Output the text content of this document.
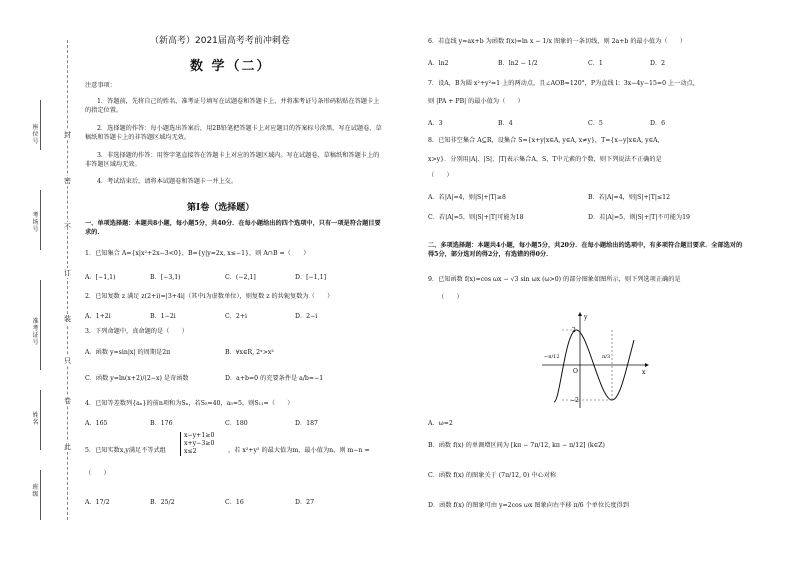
封
密
不
订
装
只
卷
此
座位号
考场号
准考证号
姓名
班级
（新高考）2021届高考考前冲刺卷
数 学（二）
注意事项：
1．答题前，先将自己的姓名、准考证号填写在试题卷和答题卡上，并将准考证号条形码粘贴在答题卡上的指定位置。
2．选择题的作答：每小题选出答案后，用2B铅笔把答题卡上对应题目的答案标号涂黑，写在试题卷、草稿纸和答题卡上的非答题区域均无效。
3．非选择题的作答：用签字笔直接答在答题卡上对应的答题区域内。写在试题卷、草稿纸和答题卡上的非答题区域均无效。
4．考试结束后，请将本试题卷和答题卡一并上交。
第Ⅰ卷（选择题）
一、单项选择题：本题共8小题，每小题5分，共40分．在每小题给出的四个选项中，只有一项是符合题目要求的．
1．已知集合 A={x|x²+2x−3<0}，B={y|y=2x, x≤−1}，则 A∩B =（　　）
A．[−1,1)	B．[−3,1)	C．(−2,1]	D．[−1,1]
2．已知复数 z 满足 z(2+i)=|3+4i|（其中i为虚数单位），则复数 z 的共轭复数为（　　）
A．1+2i	B．1−2i	C．2+i	D．2−i
3．下列命题中，真命题的是（　　）
A．函数 y=sin|x| 的周期是2π	B．∀x∈R, 2ˣ>x²
C．函数 y=ln(x+2)/(2−x) 是奇函数	D．a+b=0 的充要条件是 a/b=−1
4．已知等差数列{aₙ}的前n项和为Sₙ，若S₅=40，a₅=5，则S₁₁=（　　）
A．165	B．176	C．180	D．187
5．已知实数x,y满足不等式组
x−y+1≥0
x+y−3≥0
x≤2	，若 x²+y² 的最大值为m，最小值为n，则 m−n =
（　　）
A．17/2	B．25/2	C．16	D．27
6．若直线 y=ax+b 为函数 f(x)=ln x − 1/x 图象的一条切线，则 2a+b 的最小值为（　　）
A．ln2	B．ln2 − 1/2	C．1	D．2
7．设A，B为圆 x²+y²=1 上的两动点，且∠AOB=120°，P为直线 l：3x−4y−15=0 上一动点，
则 |PA + PB| 的最小值为（　　）
A．3	B．4	C．5	D．6
8．已知非空集合 A⊆R，设集合 S={x+y|x∈A, y∈A, x≠y}，T={x−y|x∈A, y∈A,
x>y}．分别用|A|、|S|、|T|表示集合A、S、T中元素的个数，则下列说法不正确的是
（　　）
A．若|A|=4，则|S|+|T|≥8	B．若|A|=4，则|S|+|T|≤12
C．若|A|=5，则|S|+|T|可能为18	D．若|A|=5，则|S|+|T|不可能为19
二、多项选择题：本题共4小题，每小题5分，共20分．在每小题给出的选项中，有多项符合题目要求．全部选对的得5分，部分选对的得2分，有选错的得0分．
9．已知函数 f(x)=cos ωx − √3 sin ωx (ω>0) 的部分图象如图所示，则下列选项正确的是
（　　）
2
−2
−π/12	π/3
O
y
x
A．ω=2
B．函数 f(x) 的单调增区间为 [kπ − 7π/12, kπ − π/12] (k∈Z)
C．函数 f(x) 的图象关于 (7π/12, 0) 中心对称
D．函数 f(x) 的图象可由 y=2cos ωx 图象向右平移 π/6 个单位长度得到
